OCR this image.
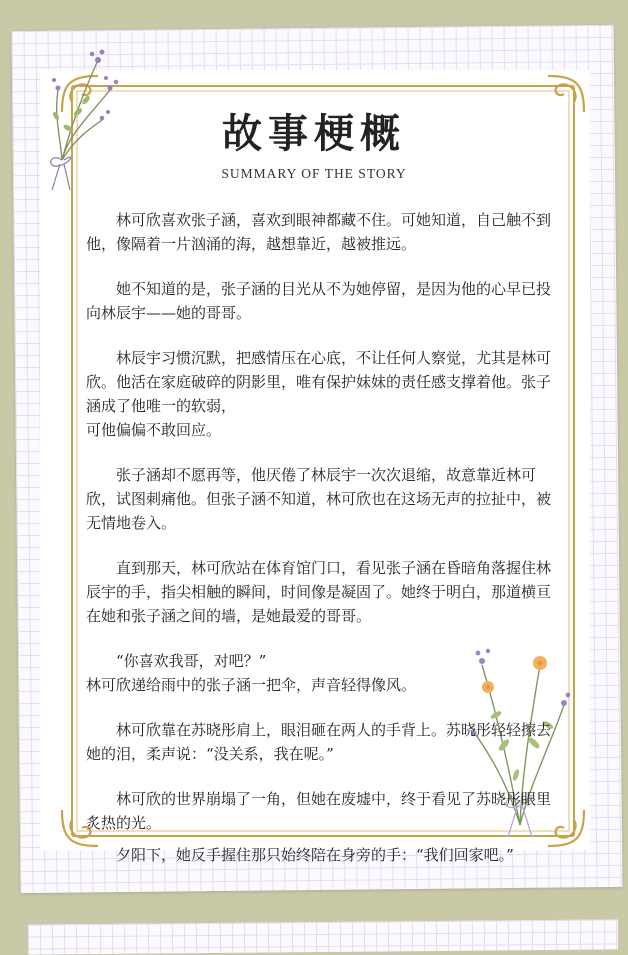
故事梗概
SUMMARY OF THE STORY

林可欣喜欢张子涵，喜欢到眼神都藏不住。可她知道，自己触不到他，像隔着一片汹涌的海，越想靠近，越被推远。

她不知道的是，张子涵的目光从不为她停留，是因为他的心早已投向林辰宇——她的哥哥。

林辰宇习惯沉默，把感情压在心底，不让任何人察觉，尤其是林可欣。他活在家庭破碎的阴影里，唯有保护妹妹的责任感支撑着他。张子涵成了他唯一的软弱，
可他偏偏不敢回应。

张子涵却不愿再等，他厌倦了林辰宇一次次退缩，故意靠近林可欣，试图刺痛他。但张子涵不知道，林可欣也在这场无声的拉扯中，被无情地卷入。

直到那天，林可欣站在体育馆门口，看见张子涵在昏暗角落握住林辰宇的手，指尖相触的瞬间，时间像是凝固了。她终于明白，那道横亘在她和张子涵之间的墙，是她最爱的哥哥。

“你喜欢我哥，对吧？”
林可欣递给雨中的张子涵一把伞，声音轻得像风。

林可欣靠在苏晓彤肩上，眼泪砸在两人的手背上。苏晓彤轻轻擦去她的泪，柔声说：“没关系，我在呢。”

林可欣的世界崩塌了一角，但她在废墟中，终于看见了苏晓彤眼里炙热的光。

夕阳下，她反手握住那只始终陪在身旁的手：“我们回家吧。”
